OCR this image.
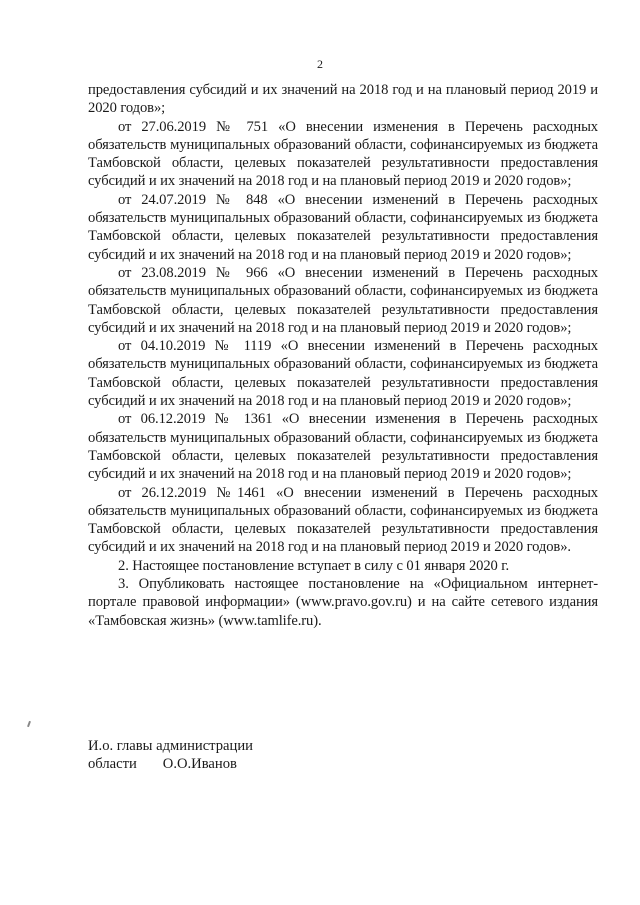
2

предоставления субсидий и их значений на 2018 год и на плановый период 2019 и 2020 годов»;

от 27.06.2019 № 751 «О внесении изменения в Перечень расходных обязательств муниципальных образований области, софинансируемых из бюджета Тамбовской области, целевых показателей результативности предоставления субсидий и их значений на 2018 год и на плановый период 2019 и 2020 годов»;

от 24.07.2019 № 848 «О внесении изменений в Перечень расходных обязательств муниципальных образований области, софинансируемых из бюджета Тамбовской области, целевых показателей результативности предоставления субсидий и их значений на 2018 год и на плановый период 2019 и 2020 годов»;

от 23.08.2019 № 966 «О внесении изменений в Перечень расходных обязательств муниципальных образований области, софинансируемых из бюджета Тамбовской области, целевых показателей результативности предоставления субсидий и их значений на 2018 год и на плановый период 2019 и 2020 годов»;

от 04.10.2019 № 1119 «О внесении изменений в Перечень расходных обязательств муниципальных образований области, софинансируемых из бюджета Тамбовской области, целевых показателей результативности предоставления субсидий и их значений на 2018 год и на плановый период 2019 и 2020 годов»;

от 06.12.2019 № 1361 «О внесении изменения в Перечень расходных обязательств муниципальных образований области, софинансируемых из бюджета Тамбовской области, целевых показателей результативности предоставления субсидий и их значений на 2018 год и на плановый период 2019 и 2020 годов»;

от 26.12.2019 №1461 «О внесении изменений в Перечень расходных обязательств муниципальных образований области, софинансируемых из бюджета Тамбовской области, целевых показателей результативности предоставления субсидий и их значений на 2018 год и на плановый период 2019 и 2020 годов».

2. Настоящее постановление вступает в силу с 01 января 2020 г.

3. Опубликовать настоящее постановление на «Официальном интернет-портале правовой информации» (www.pravo.gov.ru) и на сайте сетевого издания «Тамбовская жизнь» (www.tamlife.ru).

И.о. главы администрации
области О.О.Иванов
